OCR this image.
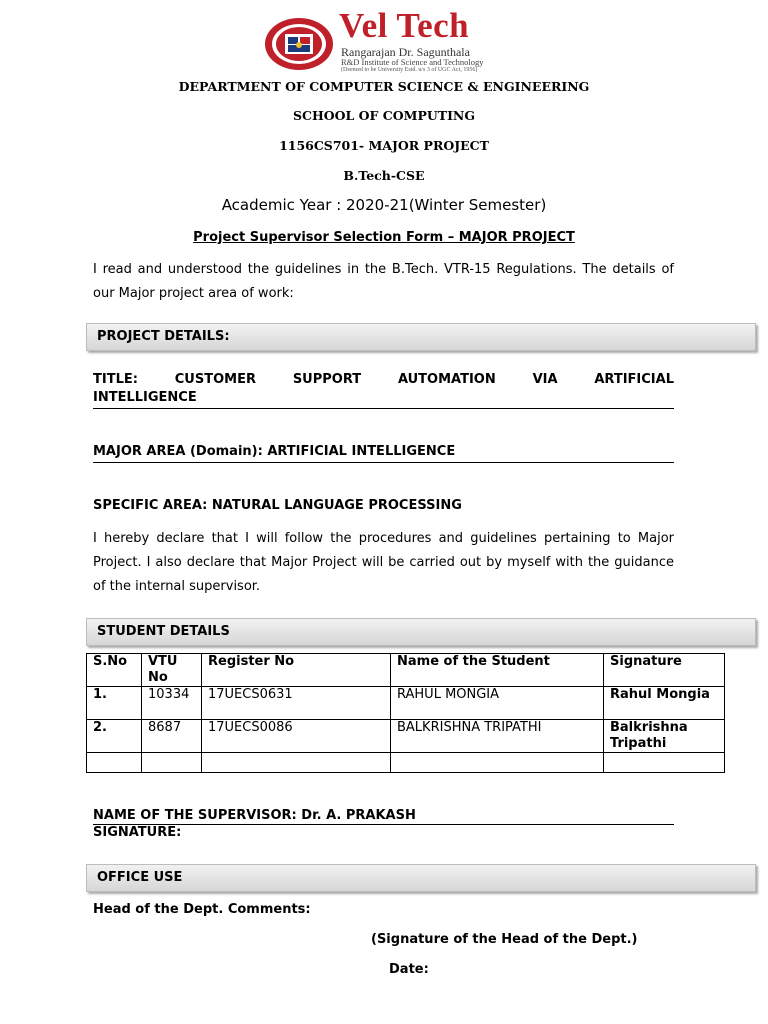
Vel Tech
Rangarajan Dr. Sagunthala
R&D Institute of Science and Technology
(Deemed to be University Estd. u/s 3 of UGC Act, 1956)
DEPARTMENT OF COMPUTER SCIENCE & ENGINEERING
SCHOOL OF COMPUTING
1156CS701- MAJOR PROJECT
B.Tech-CSE
Academic Year : 2020-21(Winter Semester)
Project Supervisor Selection Form – MAJOR PROJECT
I read and understood the guidelines in the B.Tech. VTR-15 Regulations. The details of our Major project area of work:
PROJECT DETAILS:
TITLE:	CUSTOMER	SUPPORT	AUTOMATION	VIA	ARTIFICIAL
INTELLIGENCE
MAJOR AREA (Domain): ARTIFICIAL INTELLIGENCE
SPECIFIC AREA: NATURAL LANGUAGE PROCESSING
I hereby declare that I will follow the procedures and guidelines pertaining to Major Project. I also declare that Major Project will be carried out by myself with the guidance of the internal supervisor.
STUDENT DETAILS
S.No	VTU No	Register No	Name of the Student	Signature
1.	10334	17UECS0631	RAHUL MONGIA	Rahul Mongia
2.	8687	17UECS0086	BALKRISHNA TRIPATHI	Balkrishna Tripathi

NAME OF THE SUPERVISOR: Dr. A. PRAKASH
SIGNATURE:
OFFICE USE
Head of the Dept. Comments:
(Signature of the Head of the Dept.)
Date:
